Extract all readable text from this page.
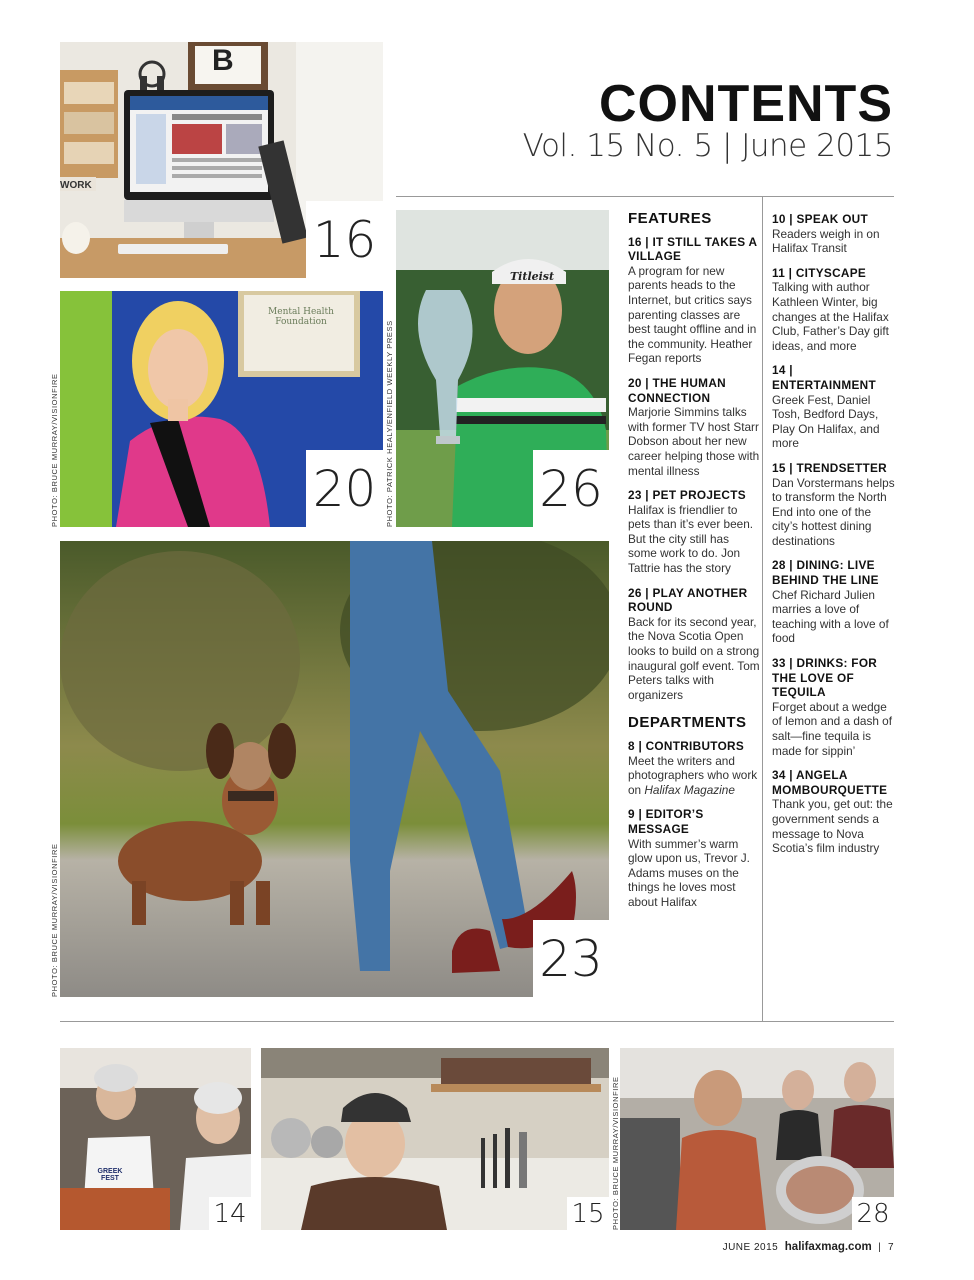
B
WORK
16
Mental Health Foundation
20
PHOTO: BRUCE MURRAY/VISIONFIRE
Titleist
26
PHOTO: PATRICK HEALY/ENFIELD WEEKLY PRESS
CONTENTS
Vol. 15 No. 5 | June 2015
23
PHOTO: BRUCE MURRAY/VISIONFIRE
FEATURES
16 | IT STILL TAKES A VILLAGE
A program for new parents heads to the Internet, but critics says parenting classes are best taught offline and in the community. Heather Fegan reports
20 | THE HUMAN CONNECTION
Marjorie Simmins talks with former TV host Starr Dobson about her new career helping those with mental illness
23 | PET PROJECTS
Halifax is friendlier to pets than it’s ever been. But the city still has some work to do. Jon Tattrie has the story
26 | PLAY ANOTHER ROUND
Back for its second year, the Nova Scotia Open looks to build on a strong inaugural golf event. Tom Peters talks with organizers
DEPARTMENTS
8 | CONTRIBUTORS
Meet the writers and photographers who work on Halifax Magazine
9 | EDITOR’S MESSAGE
With summer’s warm glow upon us, Trevor J. Adams muses on the things he loves most about Halifax
10 | SPEAK OUT
Readers weigh in on Halifax Transit
11 | CITYSCAPE
Talking with author Kathleen Winter, big changes at the Halifax Club, Father’s Day gift ideas, and more
14 | ENTERTAINMENT
Greek Fest, Daniel Tosh, Bedford Days, Play On Halifax, and more
15 | TRENDSETTER
Dan Vorstermans helps to transform the North End into one of the city’s hottest dining destinations
28 | DINING: LIVE BEHIND THE LINE
Chef Richard Julien marries a love of teaching with a love of food
33 | DRINKS: FOR THE LOVE OF TEQUILA
Forget about a wedge of lemon and a dash of salt—fine tequila is made for sippin’
34 | ANGELA MOMBOURQUETTE
Thank you, get out: the government sends a message to Nova Scotia’s film industry
GREEK FEST
14	15 PHOTO: BRUCE MURRAY/VISIONFIRE	28
JUNE 2015 halifaxmag.com | 7
